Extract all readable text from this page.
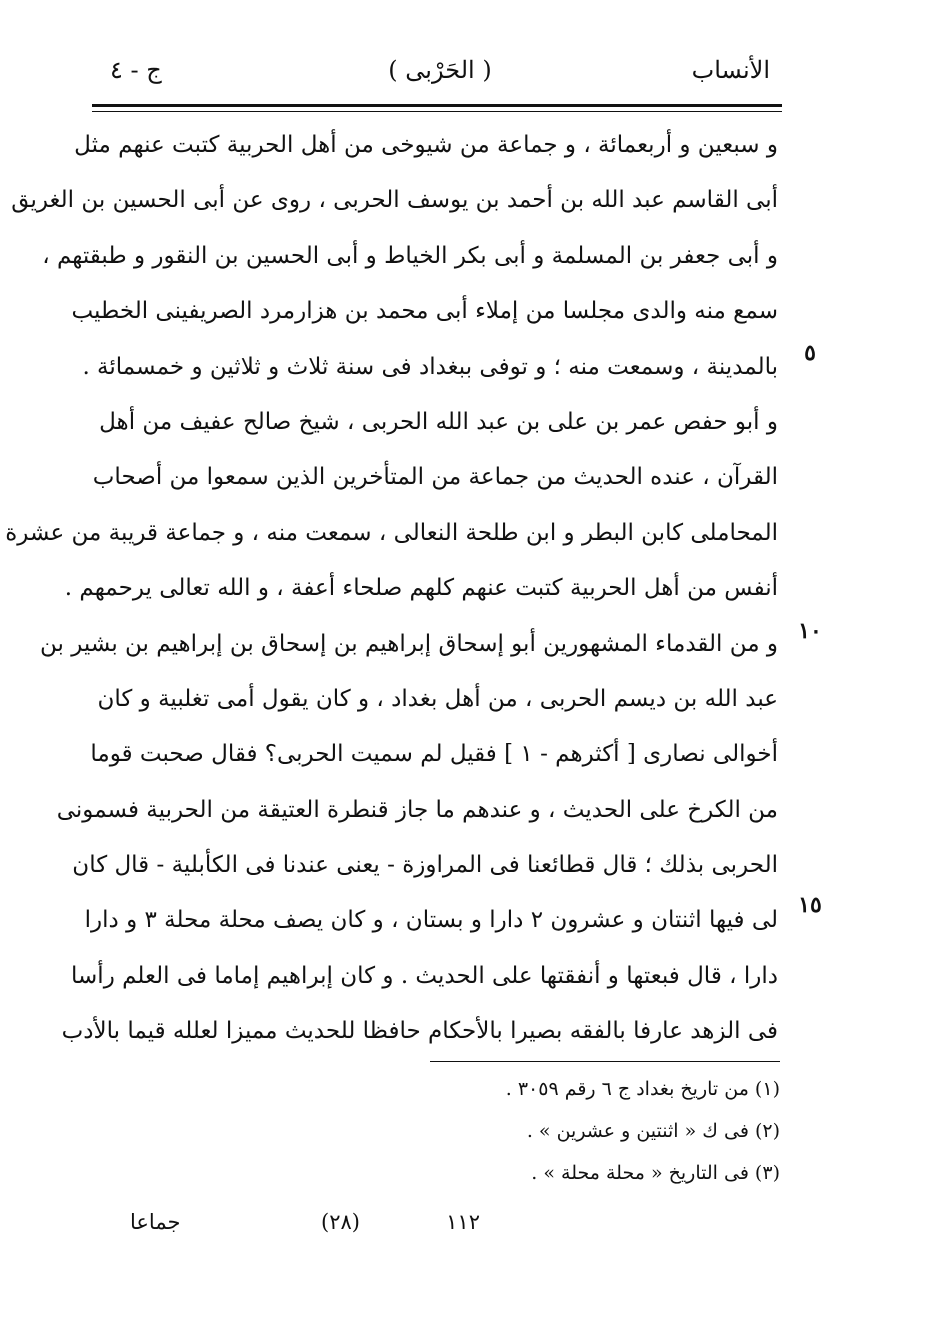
الأنساب
( الحَرْبى )
ج - ٤
و سبعين و أربعمائة ، و جماعة من شيوخى من أهل الحربية كتبت عنهم مثل
أبى القاسم عبد الله بن أحمد بن يوسف الحربى ، روى عن أبى الحسين بن الغريق
و أبى جعفر بن المسلمة و أبى بكر الخياط و أبى الحسين بن النقور و طبقتهم ،
سمع منه والدى مجلسا من إملاء أبى محمد بن هزارمرد الصريفينى الخطيب
بالمدينة ، وسمعت منه ؛ و توفى ببغداد فى سنة ثلاث و ثلاثين و خمسمائة .
و أبو حفص عمر بن على بن عبد الله الحربى ، شيخ صالح عفيف من أهل
القرآن ، عنده الحديث من جماعة من المتأخرين الذين سمعوا من أصحاب
المحاملى كابن البطر و ابن طلحة النعالى ، سمعت منه ، و جماعة قريبة من عشرة
أنفس من أهل الحربية كتبت عنهم كلهم صلحاء أعفة ، و الله تعالى يرحمهم .
و من القدماء المشهورين أبو إسحاق إبراهيم بن إسحاق بن إبراهيم بن بشير بن
عبد الله بن ديسم الحربى ، من أهل بغداد ، و كان يقول أمى تغلبية و كان
أخوالى نصارى [ أكثرهم - ١ ] فقيل لم سميت الحربى؟ فقال صحبت قوما
من الكرخ على الحديث ، و عندهم ما جاز قنطرة العتيقة من الحربية فسمونى
الحربى بذلك ؛ قال قطائعنا فى المراوزة - يعنى عندنا فى الكأبلية - قال كان
لى فيها اثنتان و عشرون ٢ دارا و بستان ، و كان يصف محلة محلة ٣ و دارا
دارا ، قال فبعتها و أنفقتها على الحديث . و كان إبراهيم إماما فى العلم رأسا
فى الزهد عارفا بالفقه بصيرا بالأحكام حافظا للحديث مميزا لعلله قيما بالأدب
٥
١٠
١٥
(١) من تاريخ بغداد ج ٦ رقم ٣٠٥٩ .
(٢) فى ك « اثنتين و عشرين » .
(٣) فى التاريخ « محلة محلة » .
١١٢
(٢٨)
جماعا
